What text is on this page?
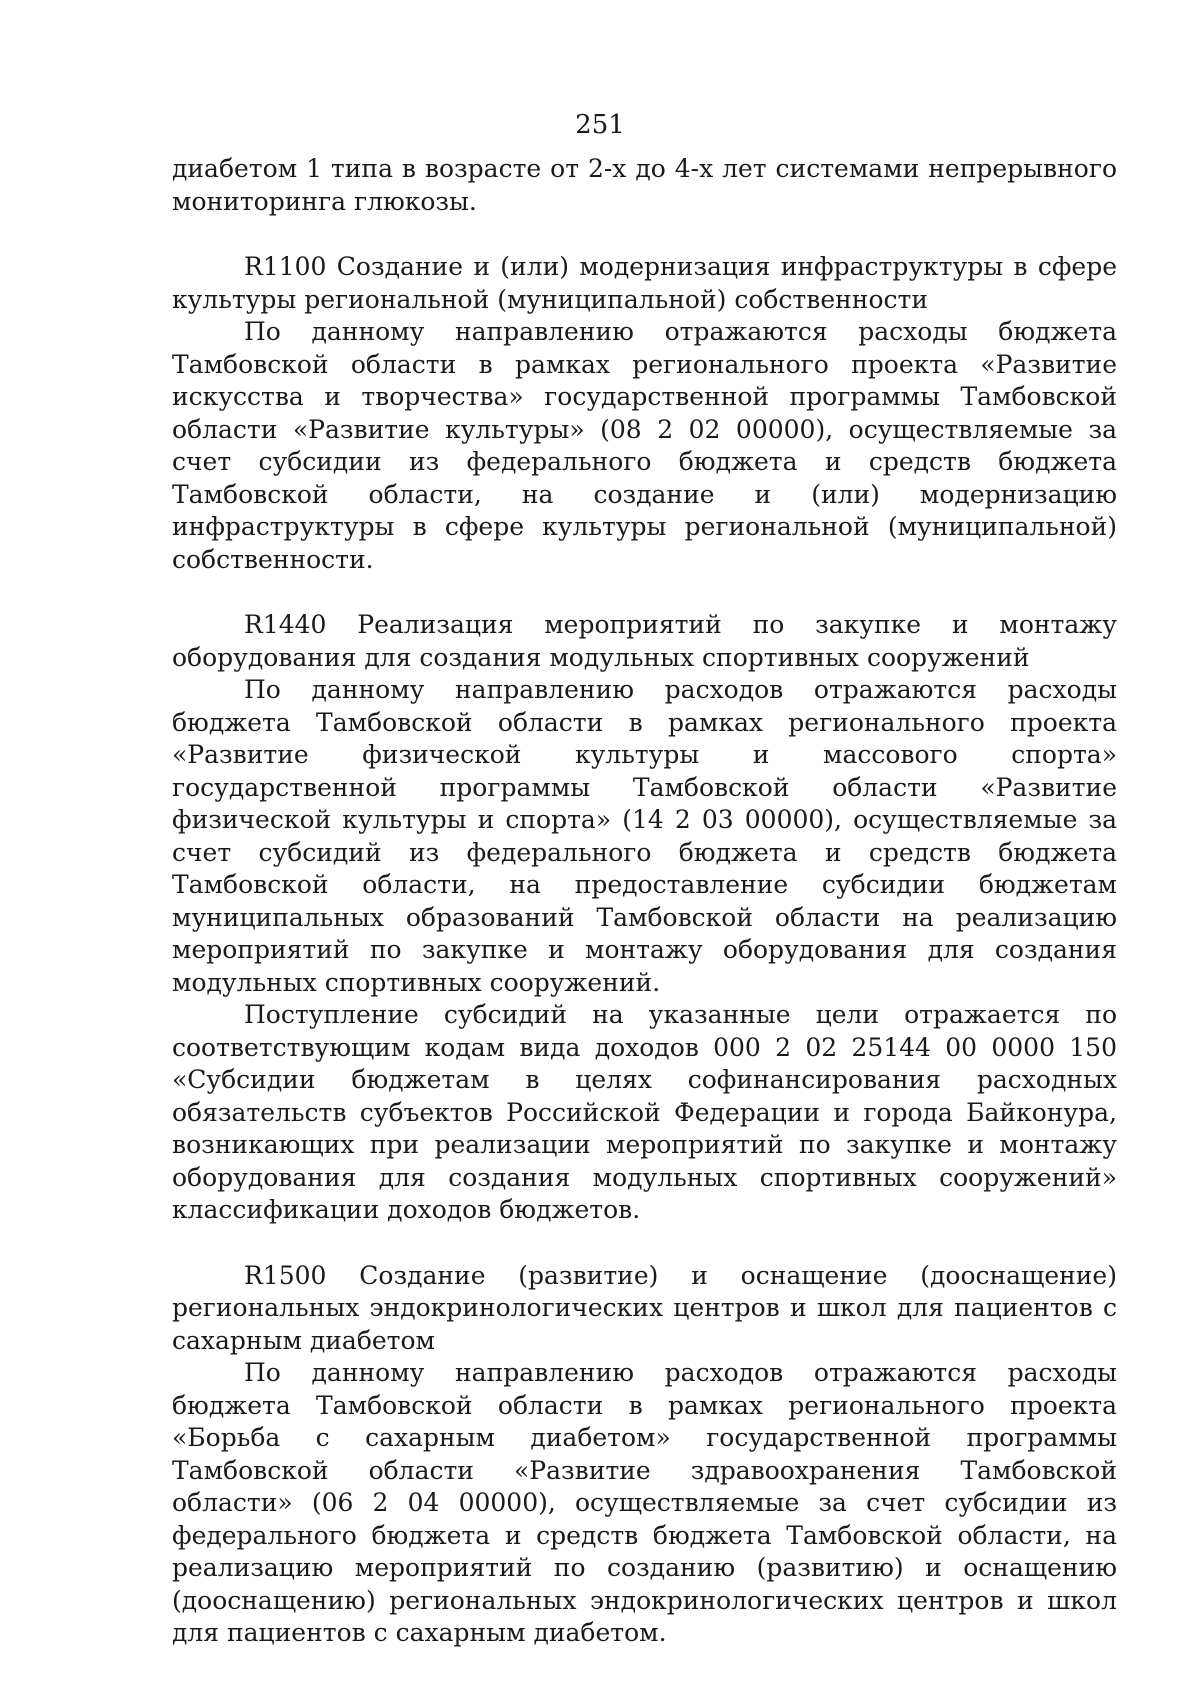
251

диабетом 1 типа в возрасте от 2-х до 4-х лет системами непрерывного мониторинга глюкозы.

R1100 Создание и (или) модернизация инфраструктуры в сфере культуры региональной (муниципальной) собственности

По данному направлению отражаются расходы бюджета Тамбовской области в рамках регионального проекта «Развитие искусства и творчества» государственной программы Тамбовской области «Развитие культуры» (08 2 02 00000), осуществляемые за счет субсидии из федерального бюджета и средств бюджета Тамбовской области, на создание и (или) модернизацию инфраструктуры в сфере культуры региональной (муниципальной) собственности.

R1440 Реализация мероприятий по закупке и монтажу оборудования для создания модульных спортивных сооружений

По данному направлению расходов отражаются расходы бюджета Тамбовской области в рамках регионального проекта «Развитие физической культуры и массового спорта» государственной программы Тамбовской области «Развитие физической культуры и спорта» (14 2 03 00000), осуществляемые за счет субсидий из федерального бюджета и средств бюджета Тамбовской области, на предоставление субсидии бюджетам муниципальных образований Тамбовской области на реализацию мероприятий по закупке и монтажу оборудования для создания модульных спортивных сооружений.

Поступление субсидий на указанные цели отражается по соответствующим кодам вида доходов 000 2 02 25144 00 0000 150 «Субсидии бюджетам в целях софинансирования расходных обязательств субъектов Российской Федерации и города Байконура, возникающих при реализации мероприятий по закупке и монтажу оборудования для создания модульных спортивных сооружений» классификации доходов бюджетов.

R1500 Создание (развитие) и оснащение (дооснащение) региональных эндокринологических центров и школ для пациентов с сахарным диабетом

По данному направлению расходов отражаются расходы бюджета Тамбовской области в рамках регионального проекта «Борьба с сахарным диабетом» государственной программы Тамбовской области «Развитие здравоохранения Тамбовской области» (06 2 04 00000), осуществляемые за счет субсидии из федерального бюджета и средств бюджета Тамбовской области, на реализацию мероприятий по созданию (развитию) и оснащению (дооснащению) региональных эндокринологических центров и школ для пациентов с сахарным диабетом.
